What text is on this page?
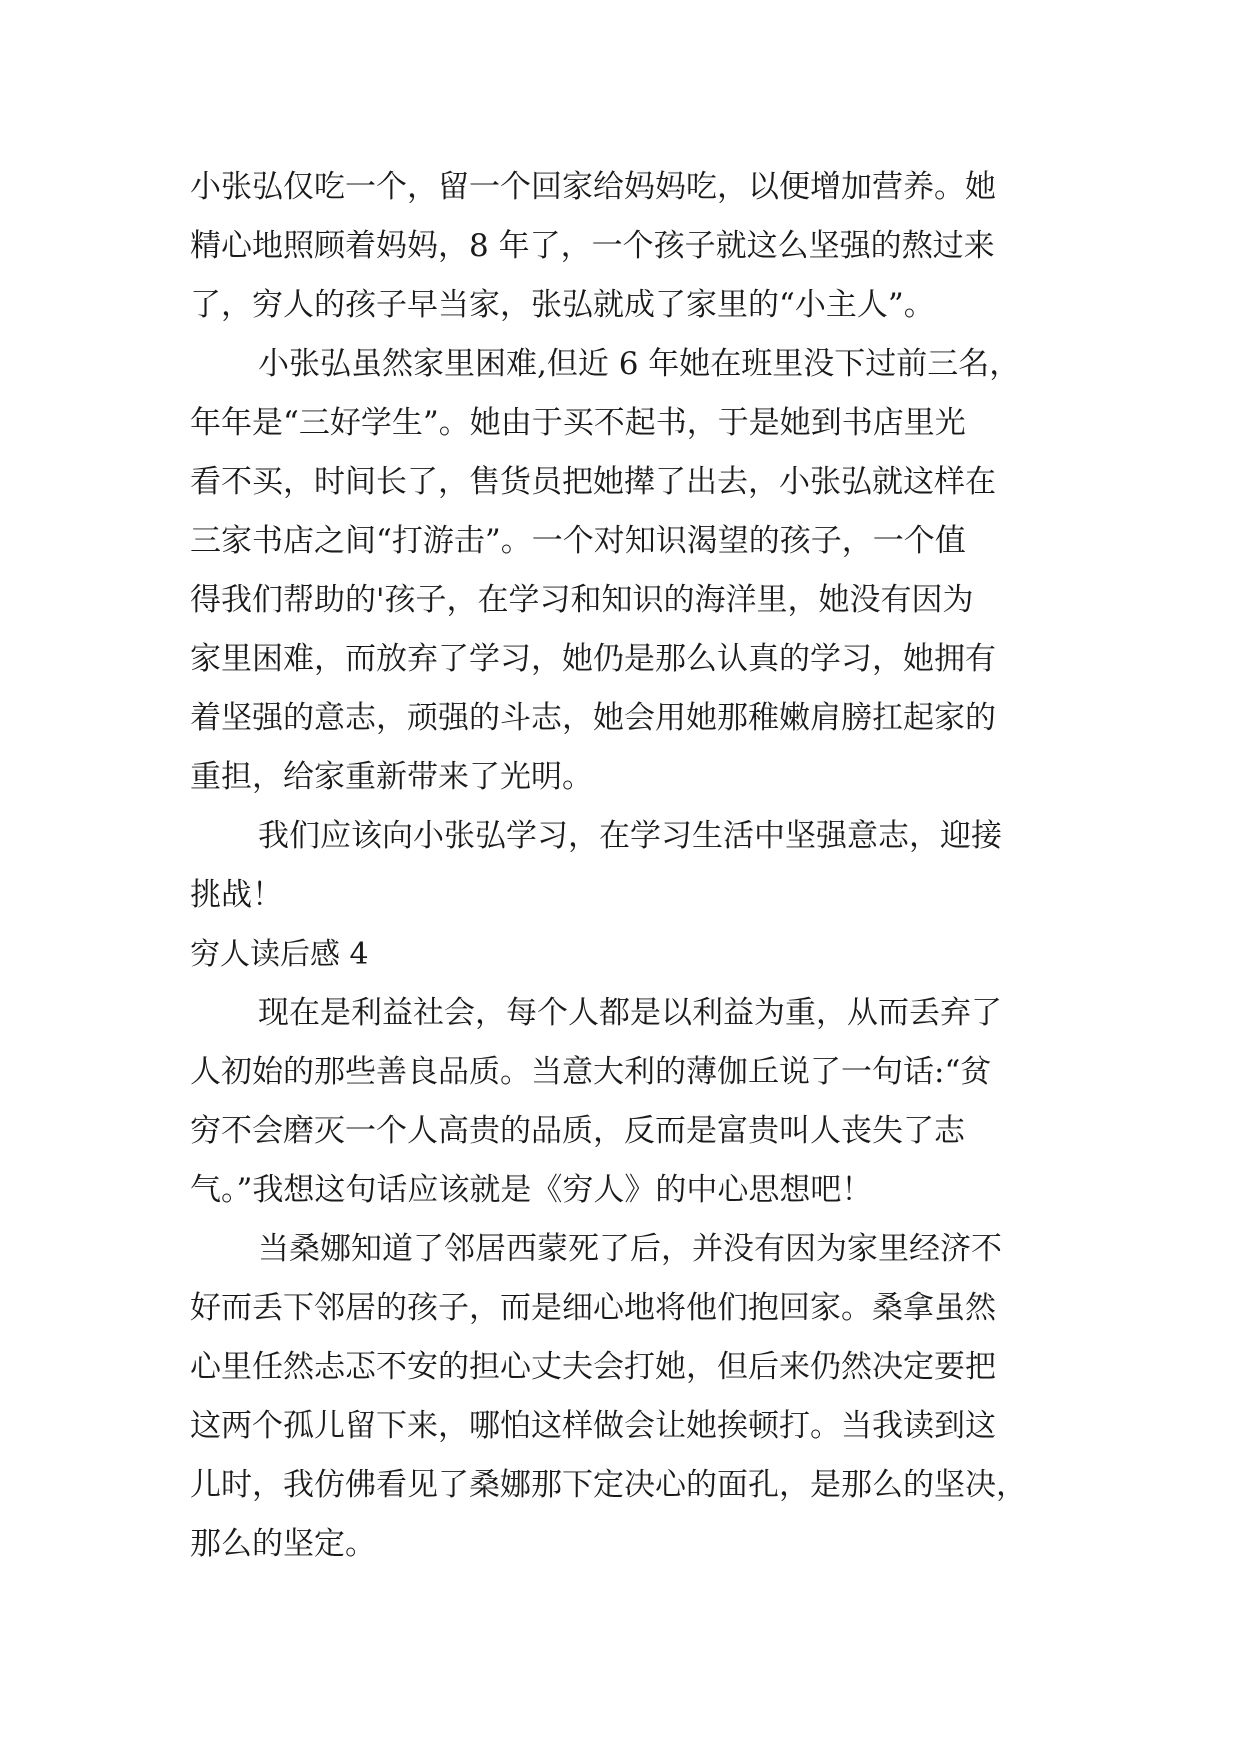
小张弘仅吃一个，留一个回家给妈妈吃，以便增加营养。她
精心地照顾着妈妈，8 年了，一个孩子就这么坚强的熬过来
了，穷人的孩子早当家，张弘就成了家里的“小主人”。
小张弘虽然家里困难,但近 6 年她在班里没下过前三名，
年年是“三好学生”。她由于买不起书，于是她到书店里光
看不买，时间长了，售货员把她撵了出去，小张弘就这样在
三家书店之间“打游击”。一个对知识渴望的孩子，一个值
得我们帮助的'孩子，在学习和知识的海洋里，她没有因为
家里困难，而放弃了学习，她仍是那么认真的学习，她拥有
着坚强的意志，顽强的斗志，她会用她那稚嫩肩膀扛起家的
重担，给家重新带来了光明。
我们应该向小张弘学习，在学习生活中坚强意志，迎接
挑战！
穷人读后感 4
现在是利益社会，每个人都是以利益为重，从而丢弃了
人初始的那些善良品质。当意大利的薄伽丘说了一句话:“贫
穷不会磨灭一个人高贵的品质，反而是富贵叫人丧失了志
气。”我想这句话应该就是《穷人》的中心思想吧！
当桑娜知道了邻居西蒙死了后，并没有因为家里经济不
好而丢下邻居的孩子，而是细心地将他们抱回家。桑拿虽然
心里任然忐忑不安的担心丈夫会打她，但后来仍然决定要把
这两个孤儿留下来，哪怕这样做会让她挨顿打。当我读到这
儿时，我仿佛看见了桑娜那下定决心的面孔，是那么的坚决，
那么的坚定。
